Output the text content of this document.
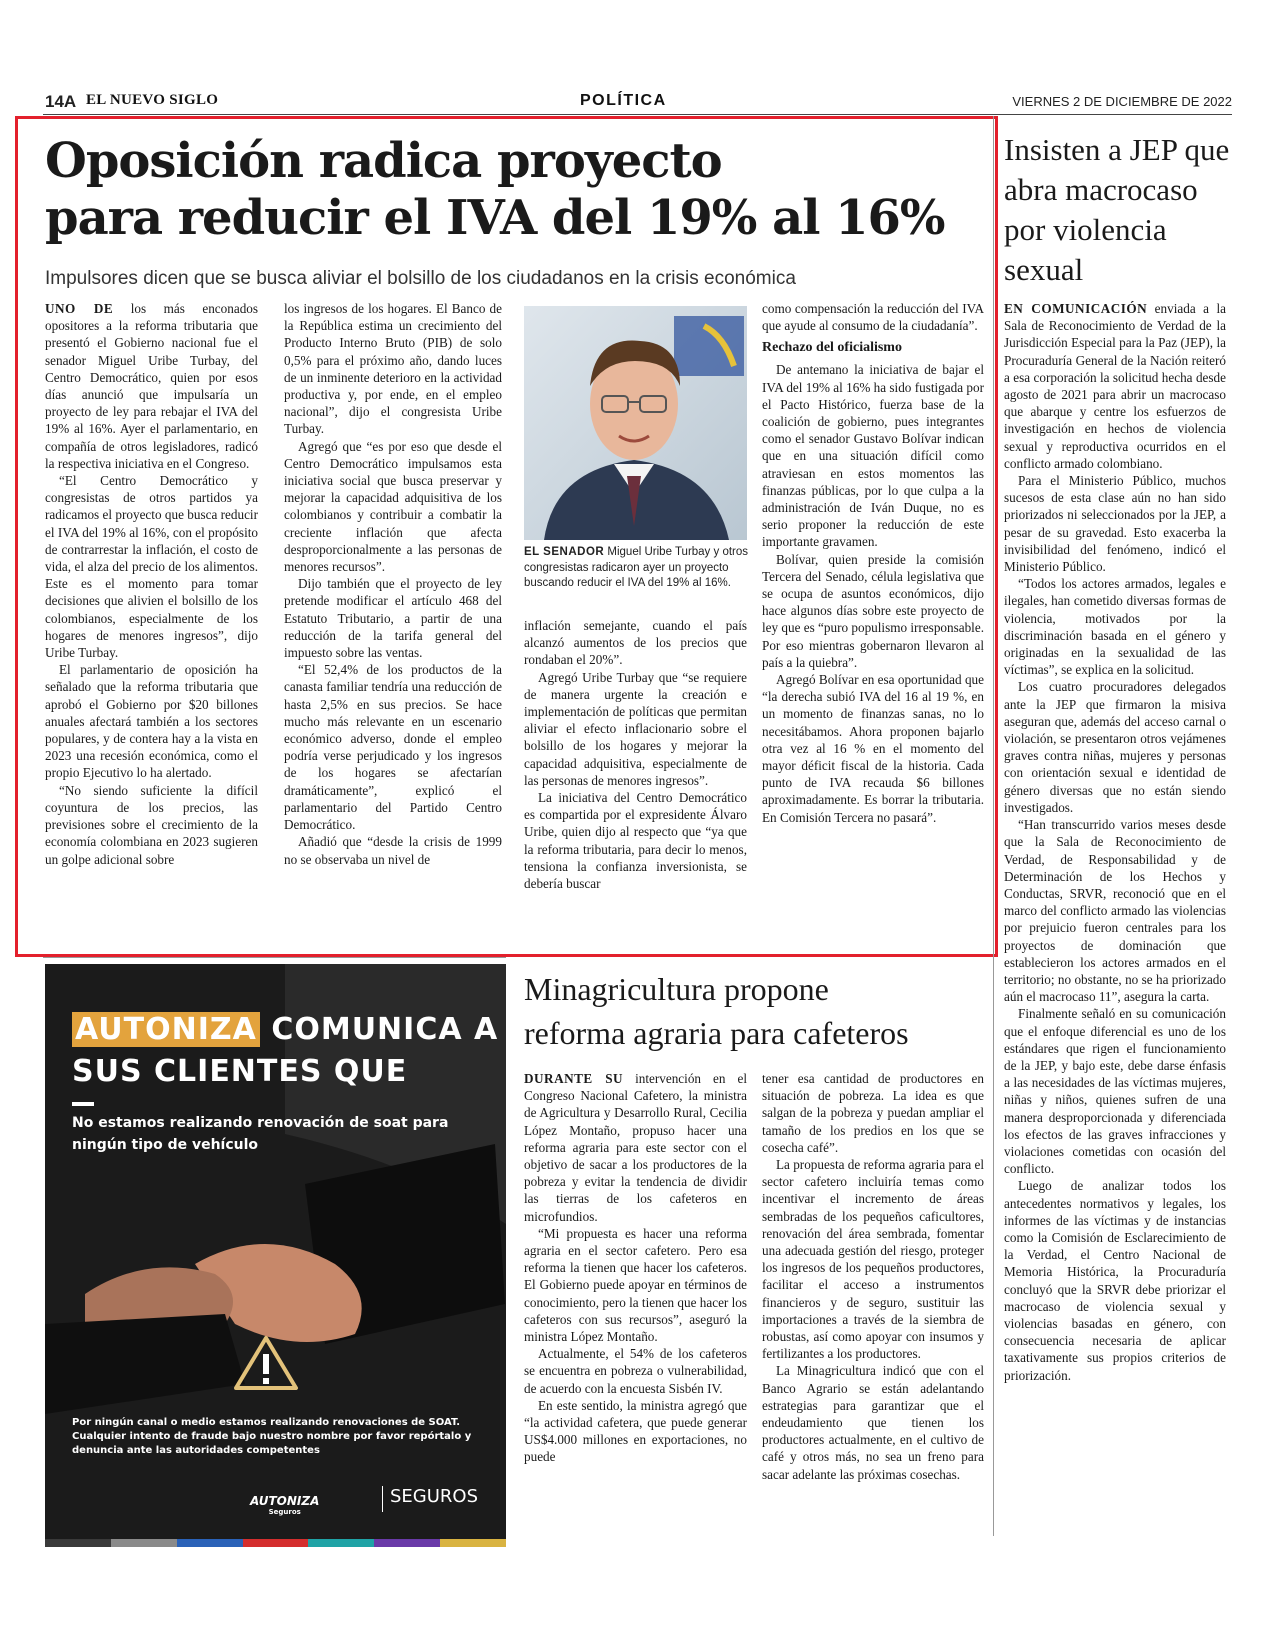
14A EL NUEVO SIGLO	POLÍTICA	VIERNES 2 DE DICIEMBRE DE 2022
Oposición radica proyecto
para reducir el IVA del 19% al 16%
Impulsores dicen que se busca aliviar el bolsillo de los ciudadanos en la crisis económica

UNO DE los más enconados opositores a la reforma tributaria que presentó el Gobierno nacional fue el senador Miguel Uribe Turbay, del Centro Democrático, quien por esos días anunció que impulsaría un proyecto de ley para rebajar el IVA del 19% al 16%. Ayer el parlamentario, en compañía de otros legisladores, radicó la respectiva iniciativa en el Congreso.

“El Centro Democrático y congresistas de otros partidos ya radicamos el proyecto que busca reducir el IVA del 19% al 16%, con el propósito de contrarrestar la inflación, el costo de vida, el alza del precio de los alimentos. Este es el momento para tomar decisiones que alivien el bolsillo de los colombianos, especialmente de los hogares de menores ingresos”, dijo Uribe Turbay.

El parlamentario de oposición ha señalado que la reforma tributaria que aprobó el Gobierno por $20 billones anuales afectará también a los sectores populares, y de contera hay a la vista en 2023 una recesión económica, como el propio Ejecutivo lo ha alertado.

“No siendo suficiente la difícil coyuntura de los precios, las previsiones sobre el crecimiento de la economía colombiana en 2023 sugieren un golpe adicional sobre

los ingresos de los hogares. El Banco de la República estima un crecimiento del Producto Interno Bruto (PIB) de solo 0,5% para el próximo año, dando luces de un inminente deterioro en la actividad productiva y, por ende, en el empleo nacional”, dijo el congresista Uribe Turbay.

Agregó que “es por eso que desde el Centro Democrático impulsamos esta iniciativa social que busca preservar y mejorar la capacidad adquisitiva de los colombianos y contribuir a combatir la creciente inflación que afecta desproporcionalmente a las personas de menores recursos”.

Dijo también que el proyecto de ley pretende modificar el artículo 468 del Estatuto Tributario, a partir de una reducción de la tarifa general del impuesto sobre las ventas.

“El 52,4% de los productos de la canasta familiar tendría una reducción de hasta 2,5% en sus precios. Se hace mucho más relevante en un escenario económico adverso, donde el empleo podría verse perjudicado y los ingresos de los hogares se afectarían dramáticamente”, explicó el parlamentario del Partido Centro Democrático.

Añadió que “desde la crisis de 1999 no se observaba un nivel de

EL SENADOR Miguel Uribe Turbay y otros congresistas radicaron ayer un proyecto buscando reducir el IVA del 19% al 16%.

inflación semejante, cuando el país alcanzó aumentos de los precios que rondaban el 20%”.

Agregó Uribe Turbay que “se requiere de manera urgente la creación e implementación de políticas que permitan aliviar el efecto inflacionario sobre el bolsillo de los hogares y mejorar la capacidad adquisitiva, especialmente de las personas de menores ingresos”.

La iniciativa del Centro Democrático es compartida por el expresidente Álvaro Uribe, quien dijo al respecto que “ya que la reforma tributaria, para decir lo menos, tensiona la confianza inversionista, se debería buscar

como compensación la reducción del IVA que ayude al consumo de la ciudadanía”.

Rechazo del oficialismo

De antemano la iniciativa de bajar el IVA del 19% al 16% ha sido fustigada por el Pacto Histórico, fuerza base de la coalición de gobierno, pues integrantes como el senador Gustavo Bolívar indican que en una situación difícil como atraviesan en estos momentos las finanzas públicas, por lo que culpa a la administración de Iván Duque, no es serio proponer la reducción de este importante gravamen.

Bolívar, quien preside la comisión Tercera del Senado, célula legislativa que se ocupa de asuntos económicos, dijo hace algunos días sobre este proyecto de ley que es “puro populismo irresponsable. Por eso mientras gobernaron llevaron al país a la quiebra”.

Agregó Bolívar en esa oportunidad que “la derecha subió IVA del 16 al 19 %, en un momento de finanzas sanas, no lo necesitábamos. Ahora proponen bajarlo otra vez al 16 % en el momento del mayor déficit fiscal de la historia. Cada punto de IVA recauda $6 billones aproximadamente. Es borrar la tributaria. En Comisión Tercera no pasará”.

Insisten a JEP que abra macrocaso por violencia sexual

EN COMUNICACIÓN enviada a la Sala de Reconocimiento de Verdad de la Jurisdicción Especial para la Paz (JEP), la Procuraduría General de la Nación reiteró a esa corporación la solicitud hecha desde agosto de 2021 para abrir un macrocaso que abarque y centre los esfuerzos de investigación en hechos de violencia sexual y reproductiva ocurridos en el conflicto armado colombiano.

Para el Ministerio Público, muchos sucesos de esta clase aún no han sido priorizados ni seleccionados por la JEP, a pesar de su gravedad. Esto exacerba la invisibilidad del fenómeno, indicó el Ministerio Público.

“Todos los actores armados, legales e ilegales, han cometido diversas formas de violencia, motivados por la discriminación basada en el género y originadas en la sexualidad de las víctimas”, se explica en la solicitud.

Los cuatro procuradores delegados ante la JEP que firmaron la misiva aseguran que, además del acceso carnal o violación, se presentaron otros vejámenes graves contra niñas, mujeres y personas con orientación sexual e identidad de género diversas que no están siendo investigados.

“Han transcurrido varios meses desde que la Sala de Reconocimiento de Verdad, de Responsabilidad y de Determinación de los Hechos y Conductas, SRVR, reconoció que en el marco del conflicto armado las violencias por prejuicio fueron centrales para los proyectos de dominación que establecieron los actores armados en el territorio; no obstante, no se ha priorizado aún el macrocaso 11”, asegura la carta.

Finalmente señaló en su comunicación que el enfoque diferencial es uno de los estándares que rigen el funcionamiento de la JEP, y bajo este, debe darse énfasis a las necesidades de las víctimas mujeres, niñas y niños, quienes sufren de una manera desproporcionada y diferenciada los efectos de las graves infracciones y violaciones cometidas con ocasión del conflicto.

Luego de analizar todos los antecedentes normativos y legales, los informes de las víctimas y de instancias como la Comisión de Esclarecimiento de la Verdad, el Centro Nacional de Memoria Histórica, la Procuraduría concluyó que la SRVR debe priorizar el macrocaso de violencia sexual y violencias basadas en género, con consecuencia necesaria de aplicar taxativamente sus propios criterios de priorización.

AUTONIZA COMUNICA A
SUS CLIENTES QUE
No estamos realizando renovación de soat para ningún tipo de vehículo
Por ningún canal o medio estamos realizando renovaciones de SOAT. Cualquier intento de fraude bajo nuestro nombre por favor repórtalo y denuncia ante las autoridades competentes
AUTONIZA
Seguros
SEGUROS
Minagricultura propone
reforma agraria para cafeteros

DURANTE SU intervención en el Congreso Nacional Cafetero, la ministra de Agricultura y Desarrollo Rural, Cecilia López Montaño, propuso hacer una reforma agraria para este sector con el objetivo de sacar a los productores de la pobreza y evitar la tendencia de dividir las tierras de los cafeteros en microfundios.

“Mi propuesta es hacer una reforma agraria en el sector cafetero. Pero esa reforma la tienen que hacer los cafeteros. El Gobierno puede apoyar en términos de conocimiento, pero la tienen que hacer los cafeteros con sus recursos”, aseguró la ministra López Montaño.

Actualmente, el 54% de los cafeteros se encuentra en pobreza o vulnerabilidad, de acuerdo con la encuesta Sisbén IV.

En este sentido, la ministra agregó que “la actividad cafetera, que puede generar US$4.000 millones en exportaciones, no puede

tener esa cantidad de productores en situación de pobreza. La idea es que salgan de la pobreza y puedan ampliar el tamaño de los predios en los que se cosecha café”.

La propuesta de reforma agraria para el sector cafetero incluiría temas como incentivar el incremento de áreas sembradas de los pequeños caficultores, renovación del área sembrada, fomentar una adecuada gestión del riesgo, proteger los ingresos de los pequeños productores, facilitar el acceso a instrumentos financieros y de seguro, sustituir las importaciones a través de la siembra de robustas, así como apoyar con insumos y fertilizantes a los productores.

La Minagricultura indicó que con el Banco Agrario se están adelantando estrategias para garantizar que el endeudamiento que tienen los productores actualmente, en el cultivo de café y otros más, no sea un freno para sacar adelante las próximas cosechas.
